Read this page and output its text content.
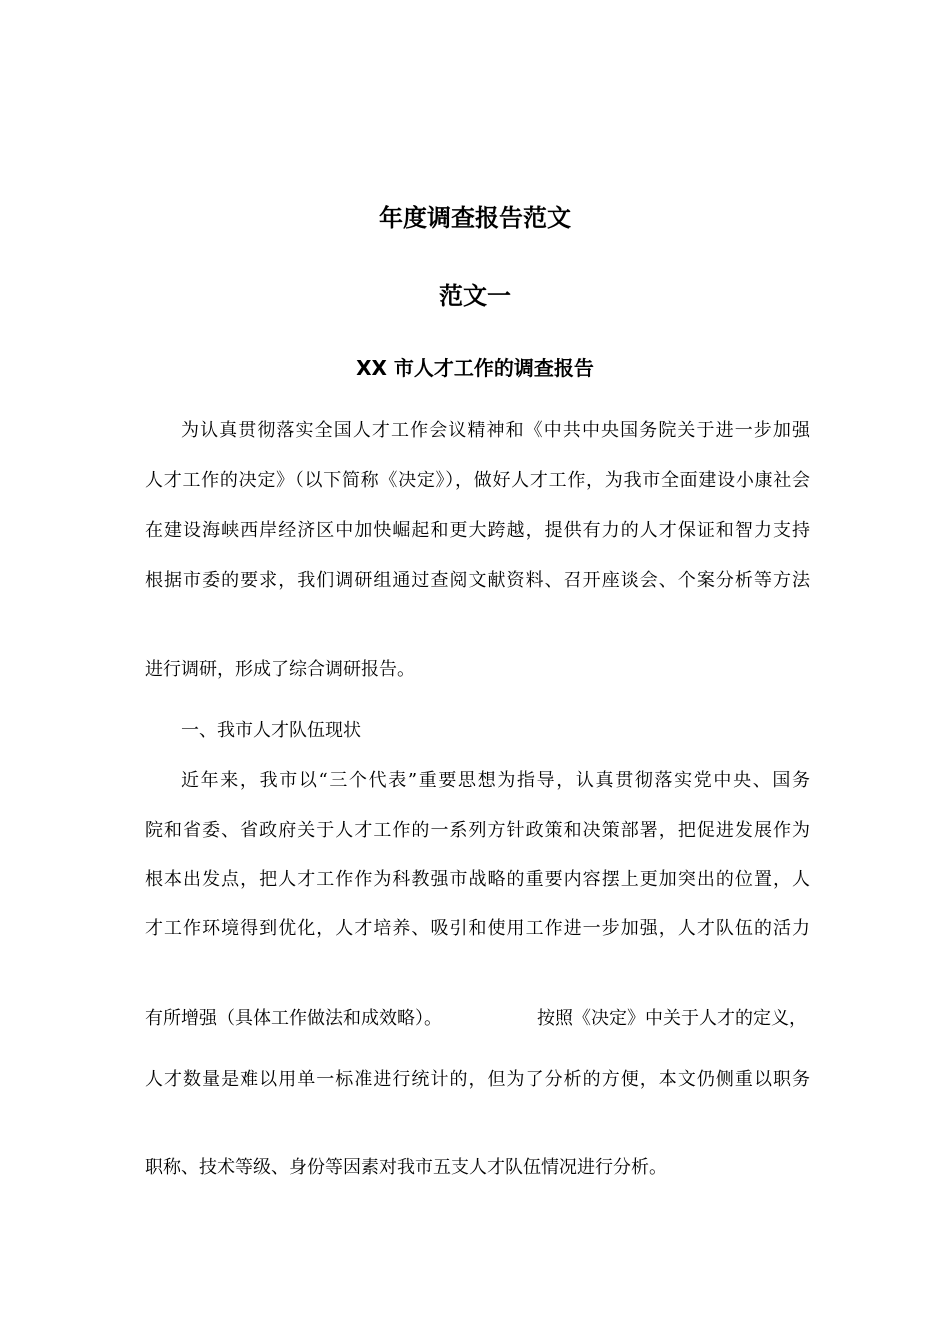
年度调查报告范文
范文一
XX 市人才工作的调查报告
为认真贯彻落实全国人才工作会议精神和《中共中央国务院关于进一步加强
人才工作的决定》（以下简称《决定》），做好人才工作，为我市全面建设小康社会
在建设海峡西岸经济区中加快崛起和更大跨越，提供有力的人才保证和智力支持
根据市委的要求，我们调研组通过查阅文献资料、召开座谈会、个案分析等方法
进行调研，形成了综合调研报告。
一、我市人才队伍现状
近年来，我市以“三个代表”重要思想为指导，认真贯彻落实党中央、国务
院和省委、省政府关于人才工作的一系列方针政策和决策部署，把促进发展作为
根本出发点，把人才工作作为科教强市战略的重要内容摆上更加突出的位置，人
才工作环境得到优化，人才培养、吸引和使用工作进一步加强，人才队伍的活力
有所增强（具体工作做法和成效略）。	按照《决定》中关于人才的定义，
人才数量是难以用单一标准进行统计的，但为了分析的方便，本文仍侧重以职务
职称、技术等级、身份等因素对我市五支人才队伍情况进行分析。
